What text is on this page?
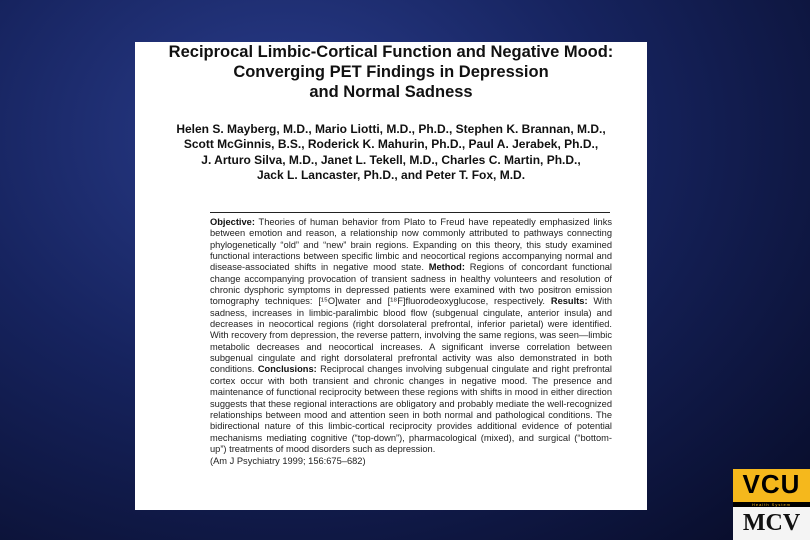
Reciprocal Limbic-Cortical Function and Negative Mood:
Converging PET Findings in Depression
and Normal Sadness
Helen S. Mayberg, M.D., Mario Liotti, M.D., Ph.D., Stephen K. Brannan, M.D.,
Scott McGinnis, B.S., Roderick K. Mahurin, Ph.D., Paul A. Jerabek, Ph.D.,
J. Arturo Silva, M.D., Janet L. Tekell, M.D., Charles C. Martin, Ph.D.,
Jack L. Lancaster, Ph.D., and Peter T. Fox, M.D.

Objective: Theories of human behavior from Plato to Freud have repeatedly emphasized links between emotion and reason, a relationship now commonly attributed to pathways connecting phylogenetically “old” and “new” brain regions. Expanding on this theory, this study examined functional interactions between specific limbic and neocortical regions accompanying normal and disease-associated shifts in negative mood state. Method: Regions of concordant functional change accompanying provocation of transient sadness in healthy volunteers and resolution of chronic dysphoric symptoms in depressed patients were examined with two positron emission tomography techniques: [¹⁵O]water and [¹⁸F]fluorodeoxyglucose, respectively. Results: With sadness, increases in limbic-paralimbic blood flow (subgenual cingulate, anterior insula) and decreases in neocortical regions (right dorsolateral prefrontal, inferior parietal) were identified. With recovery from depression, the reverse pattern, involving the same regions, was seen—limbic metabolic decreases and neocortical increases. A significant inverse correlation between subgenual cingulate and right dorsolateral prefrontal activity was also demonstrated in both conditions. Conclusions: Reciprocal changes involving subgenual cingulate and right prefrontal cortex occur with both transient and chronic changes in negative mood. The presence and maintenance of functional reciprocity between these regions with shifts in mood in either direction suggests that these regional interactions are obligatory and probably mediate the well-recognized relationships between mood and attention seen in both normal and pathological conditions. The bidirectional nature of this limbic-cortical reciprocity provides additional evidence of potential mechanisms mediating cognitive (“top-down”), pharmacological (mixed), and surgical (“bottom-up”) treatments of mood disorders such as depression.

(Am J Psychiatry 1999; 156:675–682)
VCU
Health System
MCV
